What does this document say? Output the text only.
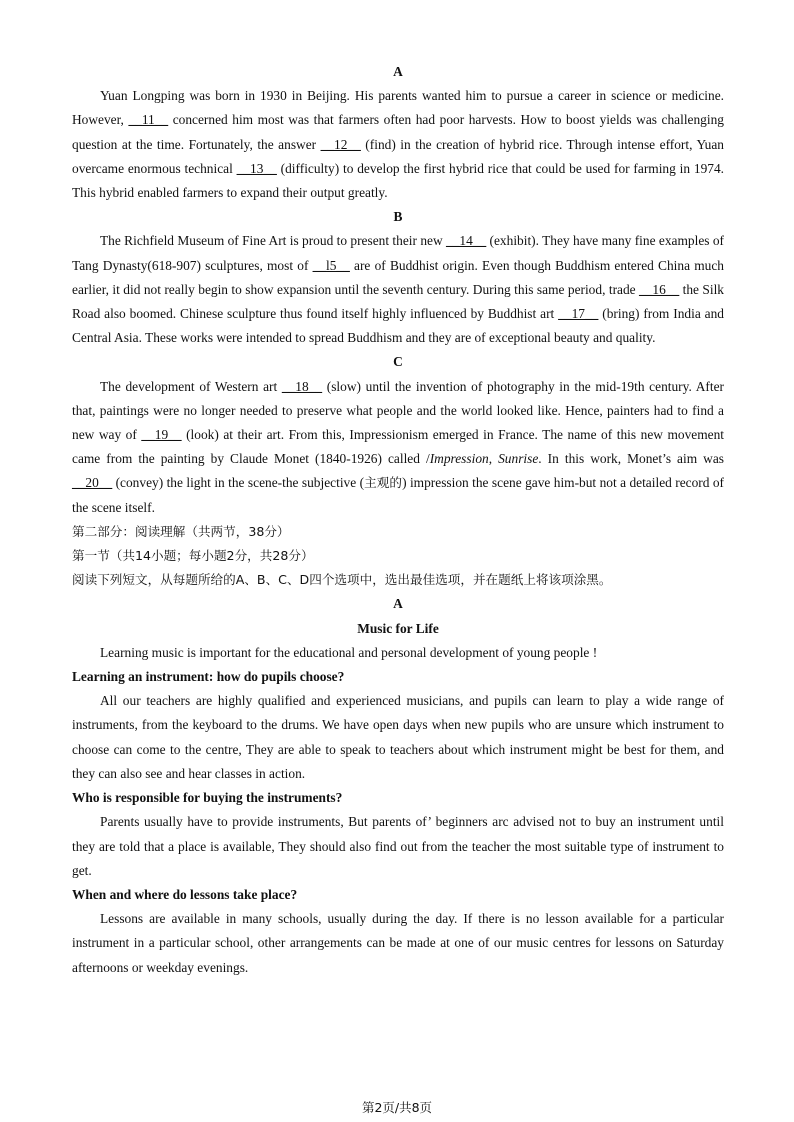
A

Yuan Longping was born in 1930 in Beijing. His parents wanted him to pursue a career in science or medicine. However, __11__ concerned him most was that farmers often had poor harvests. How to boost yields was challenging question at the time. Fortunately, the answer __12__ (find) in the creation of hybrid rice. Through intense effort, Yuan overcame enormous technical __13__ (difficulty) to develop the first hybrid rice that could be used for farming in 1974. This hybrid enabled farmers to expand their output greatly.

B

The Richfield Museum of Fine Art is proud to present their new __14__ (exhibit). They have many fine examples of Tang Dynasty(618-907) sculptures, most of __l5__ are of Buddhist origin. Even though Buddhism entered China much earlier, it did not really begin to show expansion until the seventh century. During this same period, trade __16__ the Silk Road also boomed. Chinese sculpture thus found itself highly influenced by Buddhist art __17__ (bring) from India and Central Asia. These works were intended to spread Buddhism and they are of exceptional beauty and quality.

C

The development of Western art __18__ (slow) until the invention of photography in the mid-19th century. After that, paintings were no longer needed to preserve what people and the world looked like. Hence, painters had to find a new way of __19__ (look) at their art. From this, Impressionism emerged in France. The name of this new movement came from the painting by Claude Monet (1840-1926) called /Impression, Sunrise. In this work, Monet’s aim was __20__ (convey) the light in the scene-the subjective (主观的) impression the scene gave him-but not a detailed record of the scene itself.

第二部分：阅读理解（共两节，38分）

第一节（共14小题；每小题2分，共28分）

阅读下列短文，从每题所给的A、B、C、D四个选项中，选出最佳选项，并在题纸上将该项涂黑。

A
Music for Life

Learning music is important for the educational and personal development of young people !

Learning an instrument: how do pupils choose?

All our teachers are highly qualified and experienced musicians, and pupils can learn to play a wide range of instruments, from the keyboard to the drums. We have open days when new pupils who are unsure which instrument to choose can come to the centre, They are able to speak to teachers about which instrument might be best for them, and they can also see and hear classes in action.

Who is responsible for buying the instruments?

Parents usually have to provide instruments, But parents of’ beginners arc advised not to buy an instrument until they are told that a place is available, They should also find out from the teacher the most suitable type of instrument to get.

When and where do lessons take place?

Lessons are available in many schools, usually during the day. If there is no lesson available for a particular instrument in a particular school, other arrangements can be made at one of our music centres for lessons on Saturday afternoons or weekday evenings.

第2页/共8页
